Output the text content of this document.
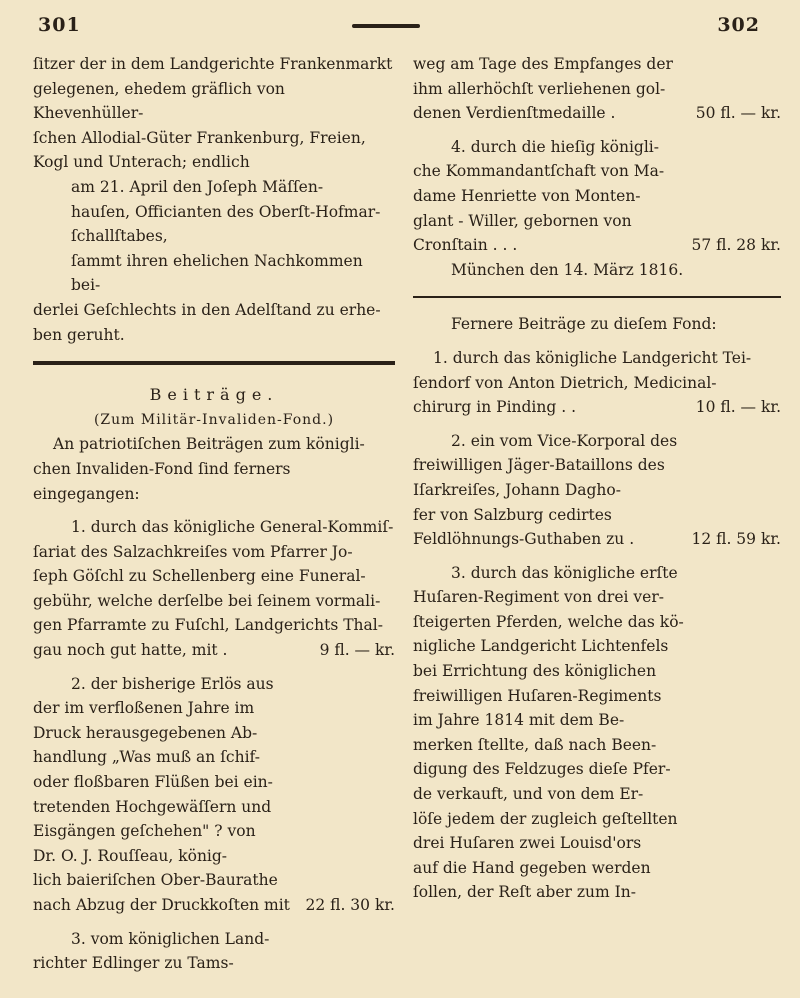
301	302

ſitzer der in dem Landgerichte Frankenmarkt

gelegenen, ehedem gräflich von Khevenhüller-

ſchen Allodial-Güter Frankenburg, Freien,

Kogl und Unterach; endlich

am 21. April den Joſeph Mäſſen-

hauſen, Officianten des Oberſt-Hofmar-

ſchallſtabes,

ſammt ihren ehelichen Nachkommen bei-

derlei Geſchlechts in den Adelſtand zu erhe-

ben geruht.

Beiträge.

(Zum Militär-Invaliden-Fond.)

An patriotiſchen Beiträgen zum königli-

chen Invaliden-Fond ſind ferners eingegangen:

1. durch das königliche General-Kommiſ-

ſariat des Salzachkreiſes vom Pfarrer Jo-

ſeph Göſchl zu Schellenberg eine Funeral-

gebühr, welche derſelbe bei ſeinem vormali-

gen Pfarramte zu Fuſchl, Landgerichts Thal-

gau noch gut hatte, mit .	9 fl. — kr.

2. der bisherige Erlös aus

der im verfloßenen Jahre im

Druck herausgegebenen Ab-

handlung „Was muß an ſchif-

oder floßbaren Flüßen bei ein-

tretenden Hochgewäſſern und

Eisgängen geſchehen" ? von

Dr. O. J. Rouſſeau, könig-

lich baieriſchen Ober-Baurathe

nach Abzug der Druckkoſten mit 22 fl. 30 kr.

3. vom königlichen Land-

richter Edlinger zu Tams-

weg am Tage des Empfanges der

ihm allerhöchſt verliehenen gol-

denen Verdienſtmedaille .	50 fl. — kr.

4. durch die hieſig königli-

che Kommandantſchaft von Ma-

dame Henriette von Monten-

glant - Willer, gebornen von

Cronſtain . . .	57 fl. 28 kr.

München den 14. März 1816.

Fernere Beiträge zu dieſem Fond:

1. durch das königliche Landgericht Tei-

ſendorf von Anton Dietrich, Medicinal-

chirurg in Pinding . .	10 fl. — kr.

2. ein vom Vice-Korporal des

freiwilligen Jäger-Bataillons des

Iſarkreiſes, Johann Dagho-

fer von Salzburg cedirtes

Feldlöhnungs-Guthaben zu .	12 fl. 59 kr.

3. durch das königliche erſte

Huſaren-Regiment von drei ver-

ſteigerten Pferden, welche das kö-

nigliche Landgericht Lichtenfels

bei Errichtung des königlichen

freiwilligen Huſaren-Regiments

im Jahre 1814 mit dem Be-

merken ſtellte, daß nach Been-

digung des Feldzuges dieſe Pfer-

de verkauft, und von dem Er-

löſe jedem der zugleich geſtellten

drei Huſaren zwei Louisd'ors

auf die Hand gegeben werden

ſollen, der Reſt aber zum In-
